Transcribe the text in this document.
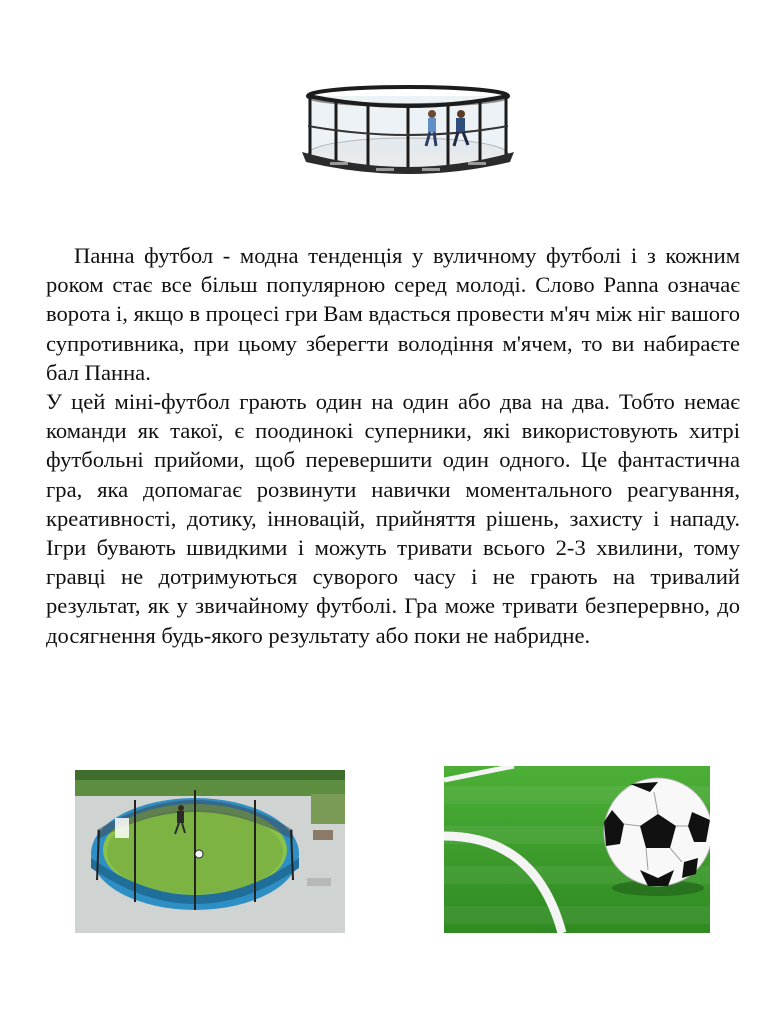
Панна футбол - модна тенденція у вуличному футболі і з кожним роком стає все більш популярною серед молоді. Слово Panna означає ворота і, якщо в процесі гри Вам вдасться провести м'яч між ніг вашого супротивника, при цьому зберегти володіння м'ячем, то ви набираєте бал Панна.

У цей міні-футбол грають один на один або два на два. Тобто немає команди як такої, є поодинокі суперники, які використовують хитрі футбольні прийоми, щоб перевершити один одного. Це фантастична гра, яка допомагає розвинути навички моментального реагування, креативності, дотику, інновацій, прийняття рішень, захисту і нападу. Ігри бувають швидкими і можуть тривати всього 2-3 хвилини, тому гравці не дотримуються суворого часу і не грають на тривалий результат, як у звичайному футболі. Гра може тривати безперервно, до досягнення будь-якого результату або поки не набридне.
